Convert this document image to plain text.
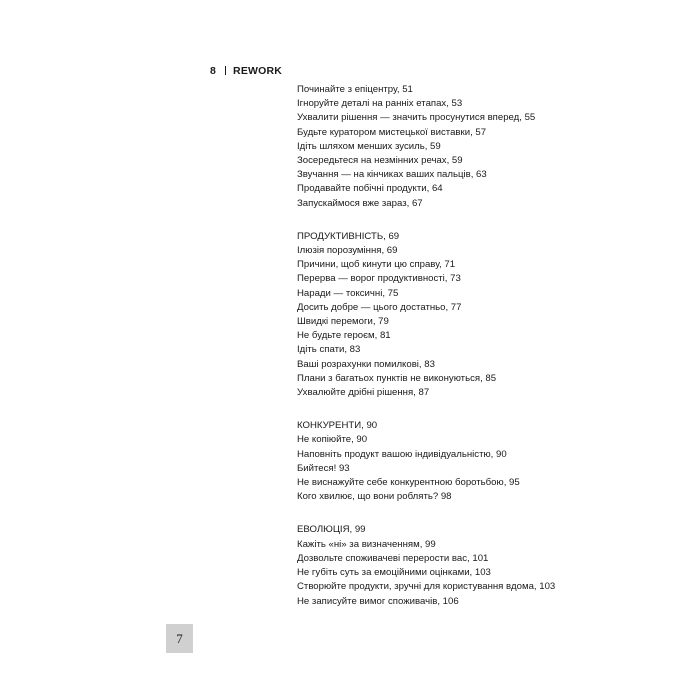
8 REWORK
Починайте з епіцентру, 51
Ігноруйте деталі на ранніх етапах, 53
Ухвалити рішення — значить просунутися вперед, 55
Будьте куратором мистецької виставки, 57
Ідіть шляхом менших зусиль, 59
Зосередьтеся на незмінних речах, 59
Звучання — на кінчиках ваших пальців, 63
Продавайте побічні продукти, 64
Запускаймося вже зараз, 67
ПРОДУКТИВНІСТЬ, 69
Ілюзія порозуміння, 69
Причини, щоб кинути цю справу, 71
Перерва — ворог продуктивності, 73
Наради — токсичні, 75
Досить добре — цього достатньо, 77
Швидкі перемоги, 79
Не будьте героєм, 81
Ідіть спати, 83
Ваші розрахунки помилкові, 83
Плани з багатьох пунктів не виконуються, 85
Ухвалюйте дрібні рішення, 87
КОНКУРЕНТИ, 90
Не копіюйте, 90
Наповніть продукт вашою індивідуальністю, 90
Бийтеся! 93
Не виснажуйте себе конкурентною боротьбою, 95
Кого хвилює, що вони роблять? 98
ЕВОЛЮЦІЯ, 99
Кажіть «ні» за визначенням, 99
Дозвольте споживачеві перерости вас, 101
Не губіть суть за емоційними оцінками, 103
Створюйте продукти, зручні для користування вдома, 103
Не записуйте вимог споживачів, 106
7
